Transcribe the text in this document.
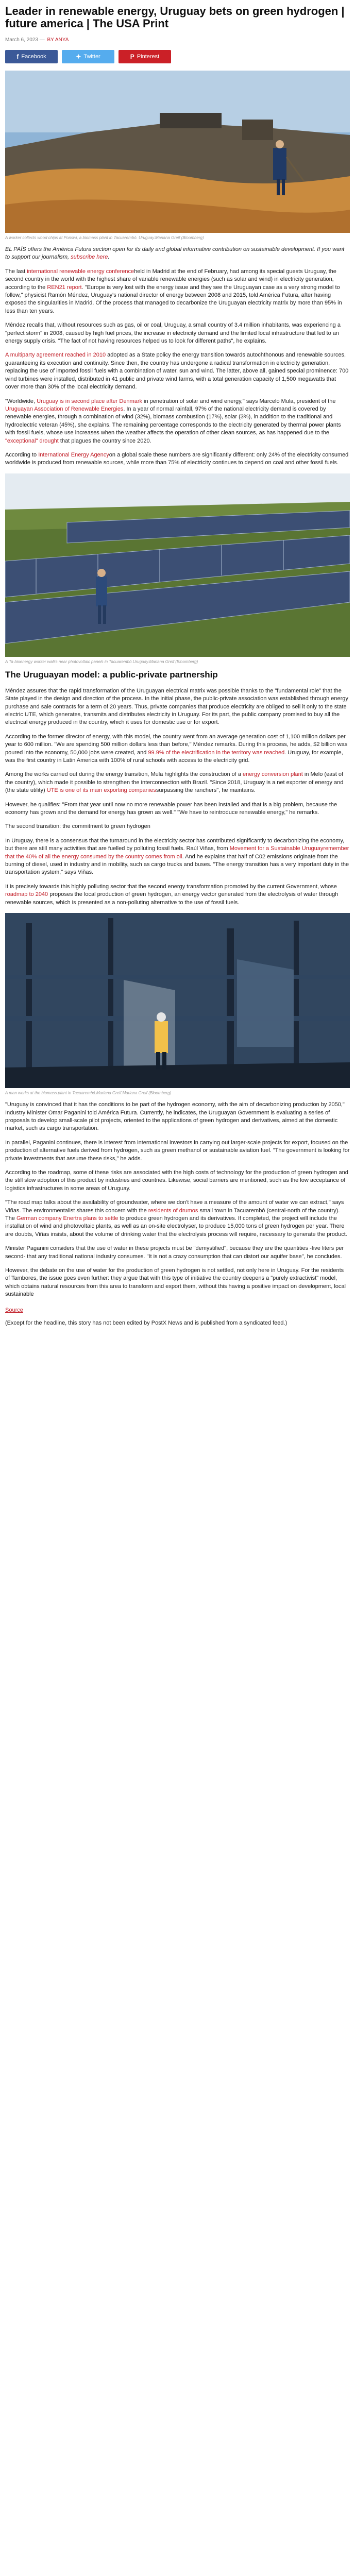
Leader in renewable energy, Uruguay bets on green hydrogen | future america | The USA Print
March 6, 2023 — BY ANYA
f Facebook	✦ Twitter	P Pinterest
A worker collects wood chips at Ponswi, a biomass plant in Tacuarembó. Uruguay.Mariana Greif (Bloomberg)

EL PAÍS offers the América Futura section open for its daily and global informative contribution on sustainable development. If you want to support our journalism, subscribe here.

The last international renewable energy conferenceheld in Madrid at the end of February, had among its special guests Uruguay, the second country in the world with the highest share of variable renewable energies (such as solar and wind) in electricity generation, according to the REN21 report. "Europe is very lost with the energy issue and they see the Uruguayan case as a very strong model to follow," physicist Ramón Méndez, Uruguay's national director of energy between 2008 and 2015, told América Futura, after having exposed the singularities in Madrid. Of the process that managed to decarbonize the Uruguayan electricity matrix by more than 95% in less than ten years.

Méndez recalls that, without resources such as gas, oil or coal, Uruguay, a small country of 3.4 million inhabitants, was experiencing a "perfect storm" in 2008, caused by high fuel prices, the increase in electricity demand and the limited local infrastructure that led to an energy supply crisis. "The fact of not having resources helped us to look for different paths", he explains.

A multiparty agreement reached in 2010 adopted as a State policy the energy transition towards autochthonous and renewable sources, guaranteeing its execution and continuity. Since then, the country has undergone a radical transformation in electricity generation, replacing the use of imported fossil fuels with a combination of water, sun and wind. The latter, above all, gained special prominence: 700 wind turbines were installed, distributed in 41 public and private wind farms, with a total generation capacity of 1,500 megawatts that cover more than 30% of the local electricity demand.

"Worldwide, Uruguay is in second place after Denmark in penetration of solar and wind energy," says Marcelo Mula, president of the Uruguayan Association of Renewable Energies. In a year of normal rainfall, 97% of the national electricity demand is covered by renewable energies, through a combination of wind (32%), biomass combustion (17%), solar (3%), in addition to the traditional and hydroelectric veteran (45%), she explains. The remaining percentage corresponds to the electricity generated by thermal power plants with fossil fuels, whose use increases when the weather affects the operation of other clean sources, as has happened due to the "exceptional" drought that plagues the country since 2020.

According to International Energy Agencyon a global scale these numbers are significantly different: only 24% of the electricity consumed worldwide is produced from renewable sources, while more than 75% of electricity continues to depend on coal and other fossil fuels.

A Ta bioenergy worker walks near photovoltaic panels in Tacuarembó.Uruguay.Mariana Greif (Bloomberg)
The Uruguayan model: a public-private partnership

Méndez assures that the rapid transformation of the Uruguayan electrical matrix was possible thanks to the "fundamental role" that the State played in the design and direction of the process. In the initial phase, the public-private association was established through energy purchase and sale contracts for a term of 20 years. Thus, private companies that produce electricity are obliged to sell it only to the state electric UTE, which generates, transmits and distributes electricity in Uruguay. For its part, the public company promised to buy all the electrical energy produced in the country, which it uses for domestic use or for export.

According to the former director of energy, with this model, the country went from an average generation cost of 1,100 million dollars per year to 600 million. "We are spending 500 million dollars less than before," Méndez remarks. During this process, he adds, $2 billion was poured into the economy, 50,000 jobs were created, and 99.9% of the electrification in the territory was reached. Uruguay, for example, was the first country in Latin America with 100% of rural schools with access to the electricity grid.

Among the works carried out during the energy transition, Mula highlights the construction of a energy conversion plant in Melo (east of the country), which made it possible to strengthen the interconnection with Brazil. "Since 2018, Uruguay is a net exporter of energy and (the state utility) UTE is one of its main exporting companiessurpassing the ranchers", he maintains.

However, he qualifies: "From that year until now no more renewable power has been installed and that is a big problem, because the economy has grown and the demand for energy has grown as well." "We have to reintroduce renewable energy," he remarks.

The second transition: the commitment to green hydrogen

In Uruguay, there is a consensus that the turnaround in the electricity sector has contributed significantly to decarbonizing the economy, but there are still many activities that are fuelled by polluting fossil fuels. Raúl Viñas, from Movement for a Sustainable Uruguayremember that the 40% of all the energy consumed by the country comes from oil. And he explains that half of C02 emissions originate from the burning of diesel, used in industry and in mobility, such as cargo trucks and buses. "The energy transition has a very important duty in the transportation system," says Viñas.

It is precisely towards this highly polluting sector that the second energy transformation promoted by the current Government, whose roadmap to 2040 proposes the local production of green hydrogen, an energy vector generated from the electrolysis of water through renewable sources, which is presented as a non-polluting alternative to the use of fossil fuels.

A man works at the biomass plant in Tacuarembó.Mariana Greif.Mariana Greif (Bloomberg)

"Uruguay is convinced that it has the conditions to be part of the hydrogen economy, with the aim of decarbonizing production by 2050," Industry Minister Omar Paganini told América Futura. Currently, he indicates, the Uruguayan Government is evaluating a series of proposals to develop small-scale pilot projects, oriented to the applications of green hydrogen and derivatives, aimed at the domestic market, such as cargo transportation.

In parallel, Paganini continues, there is interest from international investors in carrying out larger-scale projects for export, focused on the production of alternative fuels derived from hydrogen, such as green methanol or sustainable aviation fuel. "The government is looking for private investments that assume these risks," he adds.

According to the roadmap, some of these risks are associated with the high costs of technology for the production of green hydrogen and the still slow adoption of this product by industries and countries. Likewise, social barriers are mentioned, such as the low acceptance of logistics infrastructures in some areas of Uruguay.

"The road map talks about the availability of groundwater, where we don't have a measure of the amount of water we can extract," says Viñas. The environmentalist shares this concern with the residents of drumos small town in Tacuarembó (central-north of the country). The German company Enertra plans to settle to produce green hydrogen and its derivatives. If completed, the project will include the installation of wind and photovoltaic plants, as well as an on-site electrolyser, to produce 15,000 tons of green hydrogen per year. There are doubts, Viñas insists, about the volume of drinking water that the electrolysis process will require, necessary to generate the product.

Minister Paganini considers that the use of water in these projects must be "demystified", because they are the quantities -five liters per second- that any traditional national industry consumes. "It is not a crazy consumption that can distort our aquifer base", he concludes.

However, the debate on the use of water for the production of green hydrogen is not settled, not only here in Uruguay. For the residents of Tambores, the issue goes even further: they argue that with this type of initiative the country deepens a "purely extractivist" model, which obtains natural resources from this area to transform and export them, without this having a positive impact on development, local sustainable

Source

(Except for the headline, this story has not been edited by PostX News and is published from a syndicated feed.)
